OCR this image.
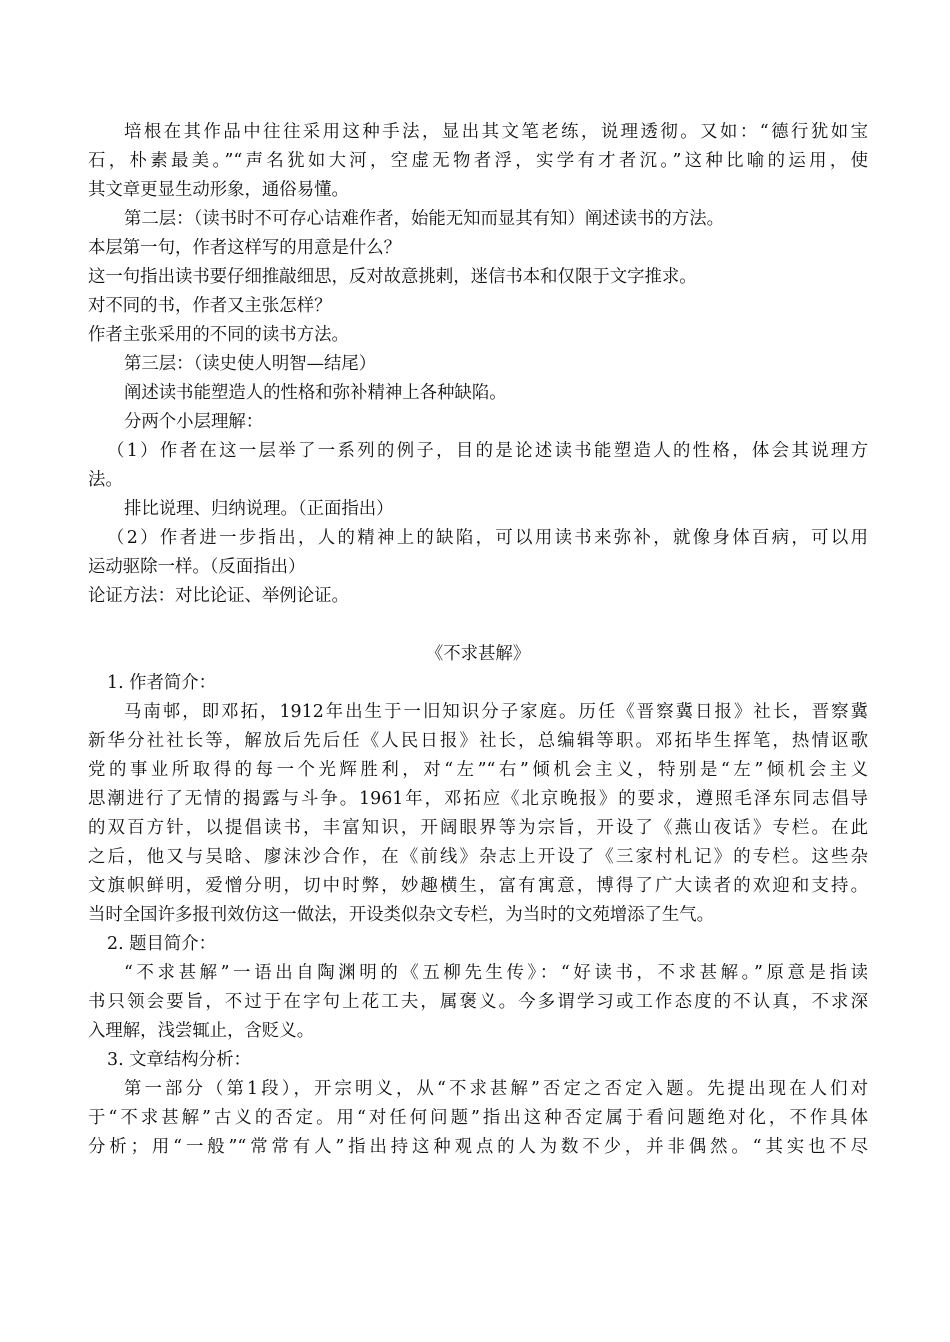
培根在其作品中往往采用这种手法，显出其文笔老练，说理透彻。又如：“德行犹如宝
石，朴素最美。”“声名犹如大河，空虚无物者浮，实学有才者沉。”这种比喻的运用，使
其文章更显生动形象，通俗易懂。
第二层：（读书时不可存心诘难作者，始能无知而显其有知）阐述读书的方法。
本层第一句，作者这样写的用意是什么？
这一句指出读书要仔细推敲细思，反对故意挑剌，迷信书本和仅限于文字推求。
对不同的书，作者又主张怎样？
作者主张采用的不同的读书方法。
第三层：（读史使人明智—结尾）
阐述读书能塑造人的性格和弥补精神上各种缺陷。
分两个小层理解：
（1）作者在这一层举了一系列的例子，目的是论述读书能塑造人的性格，体会其说理方
法。
排比说理、归纳说理。（正面指出）
（2）作者进一步指出，人的精神上的缺陷，可以用读书来弥补，就像身体百病，可以用
运动驱除一样。（反面指出）
论证方法：对比论证、举例论证。
《不求甚解》
1. 作者简介：
马南邨，即邓拓，1912年出生于一旧知识分子家庭。历任《晋察冀日报》社长，晋察冀
新华分社社长等，解放后先后任《人民日报》社长，总编辑等职。邓拓毕生挥笔，热情讴歌
党的事业所取得的每一个光辉胜利，对“左”“右”倾机会主义，特别是“左”倾机会主义
思潮进行了无情的揭露与斗争。1961年，邓拓应《北京晚报》的要求，遵照毛泽东同志倡导
的双百方针，以提倡读书，丰富知识，开阔眼界等为宗旨，开设了《燕山夜话》专栏。在此
之后，他又与吴晗、廖沫沙合作，在《前线》杂志上开设了《三家村札记》的专栏。这些杂
文旗帜鲜明，爱憎分明，切中时弊，妙趣横生，富有寓意，博得了广大读者的欢迎和支持。
当时全国许多报刊效仿这一做法，开设类似杂文专栏，为当时的文苑增添了生气。
2. 题目简介：
“不求甚解”一语出自陶渊明的《五柳先生传》：“好读书，不求甚解。”原意是指读
书只领会要旨，不过于在字句上花工夫，属褒义。今多谓学习或工作态度的不认真，不求深
入理解，浅尝辄止，含贬义。
3. 文章结构分析：
第一部分（第1段），开宗明义，从“不求甚解”否定之否定入题。先提出现在人们对
于“不求甚解”古义的否定。用“对任何问题”指出这种否定属于看问题绝对化，不作具体
分析；用“一般”“常常有人”指出持这种观点的人为数不少，并非偶然。“其实也不尽
